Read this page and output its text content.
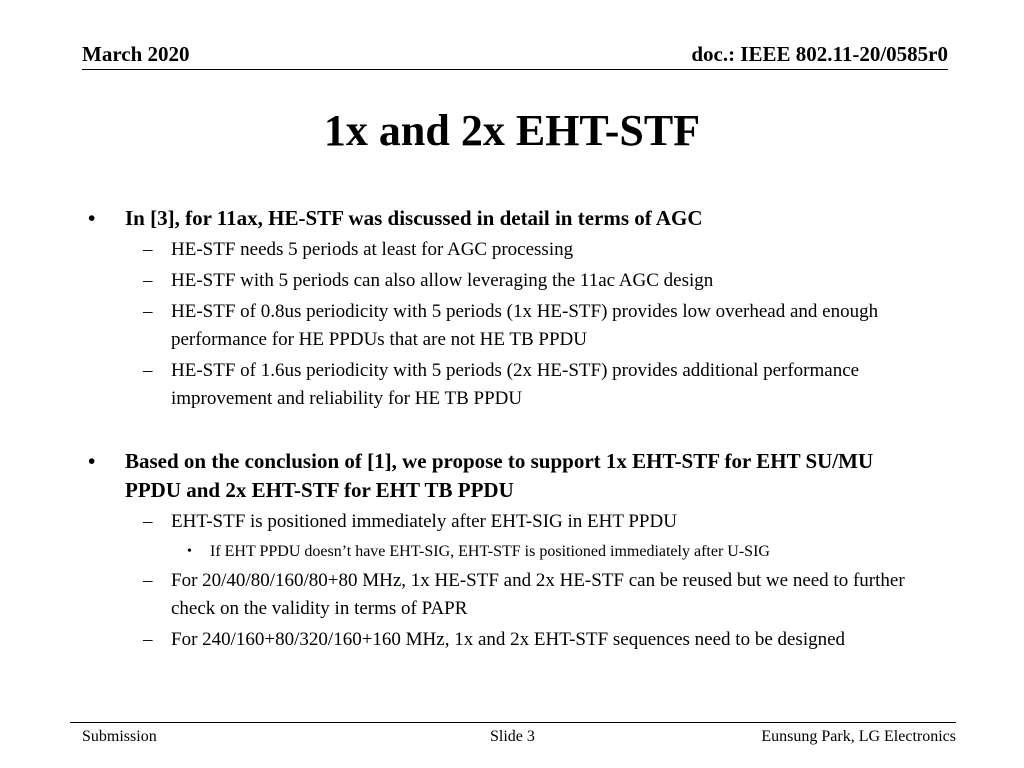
March 2020	doc.: IEEE 802.11-20/0585r0
1x and 2x EHT-STF
• In [3], for 11ax, HE-STF was discussed in detail in terms of AGC
– HE-STF needs 5 periods at least for AGC processing
– HE-STF with 5 periods can also allow leveraging the 11ac AGC design
– HE-STF of 0.8us periodicity with 5 periods (1x HE-STF) provides low overhead and enough performance for HE PPDUs that are not HE TB PPDU
– HE-STF of 1.6us periodicity with 5 periods (2x HE-STF) provides additional performance improvement and reliability for HE TB PPDU
• Based on the conclusion of [1], we propose to support 1x EHT-STF for EHT SU/MU PPDU and 2x EHT-STF for EHT TB PPDU
– EHT-STF is positioned immediately after EHT-SIG in EHT PPDU
• If EHT PPDU doesn’t have EHT-SIG, EHT-STF is positioned immediately after U-SIG
– For 20/40/80/160/80+80 MHz, 1x HE-STF and 2x HE-STF can be reused but we need to further check on the validity in terms of PAPR
– For 240/160+80/320/160+160 MHz, 1x and 2x EHT-STF sequences need to be designed
Submission	Slide 3	Eunsung Park, LG Electronics
